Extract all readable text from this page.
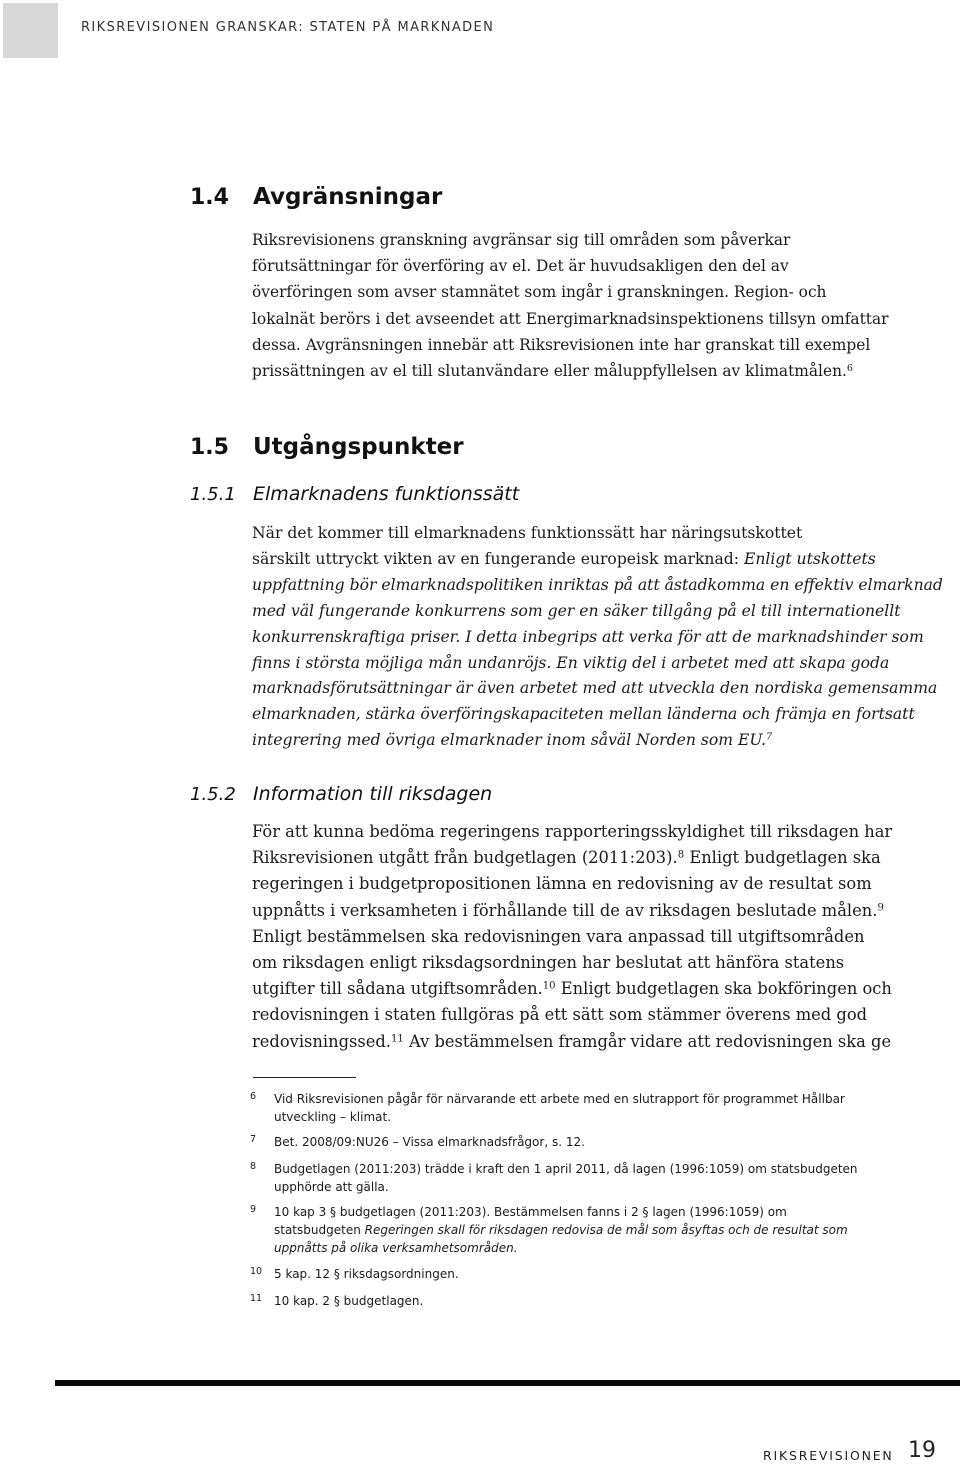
RIKSREVISIONEN GRANSKAR: STATEN PÅ MARKNADEN
1.4 Avgränsningar

Riksrevisionens granskning avgränsar sig till områden som påverkar
förutsättningar för överföring av el. Det är huvudsakligen den del av
överföringen som avser stamnätet som ingår i granskningen. Region- och
lokalnät berörs i det avseendet att Energimarknadsinspektionens tillsyn omfattar
dessa. Avgränsningen innebär att Riksrevisionen inte har granskat till exempel
prissättningen av el till slutanvändare eller måluppfyllelsen av klimatmålen.$^6$

1.5 Utgångspunkter
1.5.1 Elmarknadens funktionssätt

När det kommer till elmarknadens funktionssätt har näringsutskottet
särskilt uttryckt vikten av en fungerande europeisk marknad: Enligt utskottets
uppfattning bör elmarknadspolitiken inriktas på att åstadkomma en effektiv elmarknad
med väl fungerande konkurrens som ger en säker tillgång på el till internationellt
konkurrenskraftiga priser. I detta inbegrips att verka för att de marknadshinder som
finns i största möjliga mån undanröjs. En viktig del i arbetet med att skapa goda
marknadsförutsättningar är även arbetet med att utveckla den nordiska gemensamma
elmarknaden, stärka överföringskapaciteten mellan länderna och främja en fortsatt
integrering med övriga elmarknader inom såväl Norden som EU.$^7$

1.5.2 Information till riksdagen

För att kunna bedöma regeringens rapporteringsskyldighet till riksdagen har
Riksrevisionen utgått från budgetlagen (2011:203).$^8$ Enligt budgetlagen ska
regeringen i budgetpropositionen lämna en redovisning av de resultat som
uppnåtts i verksamheten i förhållande till de av riksdagen beslutade målen.$^9$
Enligt bestämmelsen ska redovisningen vara anpassad till utgiftsområden
om riksdagen enligt riksdagsordningen har beslutat att hänföra statens
utgifter till sådana utgiftsområden.$^{10}$ Enligt budgetlagen ska bokföringen och
redovisningen i staten fullgöras på ett sätt som stämmer överens med god
redovisningssed.$^{11}$ Av bestämmelsen framgår vidare att redovisningen ska ge

6 Vid Riksrevisionen pågår för närvarande ett arbete med en slutrapport för programmet Hållbar
utveckling – klimat.
7 Bet. 2008/09:NU26 – Vissa elmarknadsfrågor, s. 12.
8 Budgetlagen (2011:203) trädde i kraft den 1 april 2011, då lagen (1996:1059) om statsbudgeten
upphörde att gälla.
9 10 kap 3 § budgetlagen (2011:203). Bestämmelsen fanns i 2 § lagen (1996:1059) om
statsbudgeten Regeringen skall för riksdagen redovisa de mål som åsyftas och de resultat som
uppnåtts på olika verksamhetsområden.
10 5 kap. 12 § riksdagsordningen.
11 10 kap. 2 § budgetlagen.
RIKSREVISIONEN 19
